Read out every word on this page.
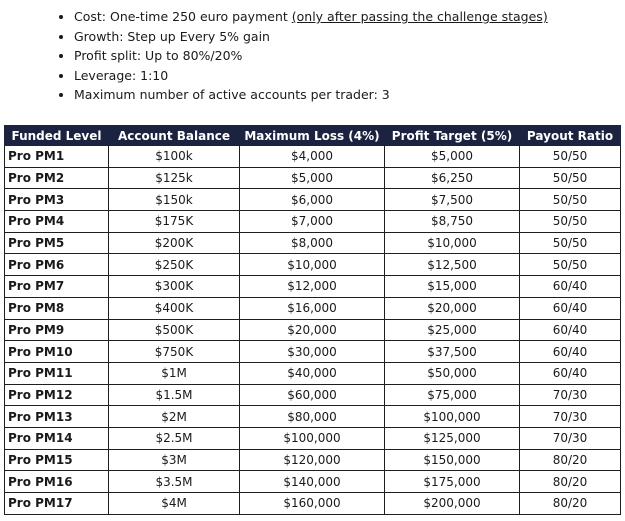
• Cost: One-time 250 euro payment (only after passing the challenge stages)
• Growth: Step up Every 5% gain
• Profit split: Up to 80%/20%
• Leverage: 1:10
• Maximum number of active accounts per trader: 3
Funded Level	Account Balance	Maximum Loss (4%)	Profit Target (5%)	Payout Ratio
Pro PM1	$100k	$4,000	$5,000	50/50
Pro PM2	$125k	$5,000	$6,250	50/50
Pro PM3	$150k	$6,000	$7,500	50/50
Pro PM4	$175K	$7,000	$8,750	50/50
Pro PM5	$200K	$8,000	$10,000	50/50
Pro PM6	$250K	$10,000	$12,500	50/50
Pro PM7	$300K	$12,000	$15,000	60/40
Pro PM8	$400K	$16,000	$20,000	60/40
Pro PM9	$500K	$20,000	$25,000	60/40
Pro PM10	$750K	$30,000	$37,500	60/40
Pro PM11	$1M	$40,000	$50,000	60/40
Pro PM12	$1.5M	$60,000	$75,000	70/30
Pro PM13	$2M	$80,000	$100,000	70/30
Pro PM14	$2.5M	$100,000	$125,000	70/30
Pro PM15	$3M	$120,000	$150,000	80/20
Pro PM16	$3.5M	$140,000	$175,000	80/20
Pro PM17	$4M	$160,000	$200,000	80/20
